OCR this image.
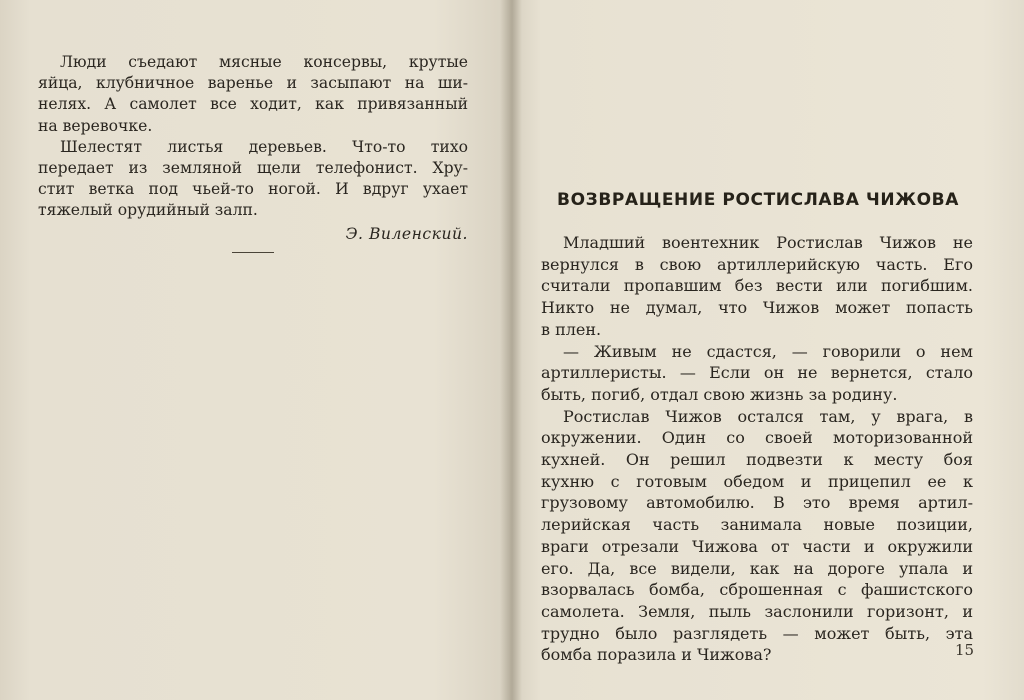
Люди съедают мясные консервы, крутые
яйца, клубничное варенье и засыпают на ши-
нелях. А самолет все ходит, как привязанный
на веревочке.
Шелестят листья деревьев. Что-то тихо
передает из земляной щели телефонист. Хру-
стит ветка под чьей-то ногой. И вдруг ухает
тяжелый орудийный залп.
Э. Виленский.
ВОЗВРАЩЕНИЕ РОСТИСЛАВА ЧИЖОВА
Младший воентехник Ростислав Чижов не
вернулся в свою артиллерийскую часть. Его
считали пропавшим без вести или погибшим.
Никто не думал, что Чижов может попасть
в плен.
— Живым не сдастся, — говорили о нем
артиллеристы. — Если он не вернется, стало
быть, погиб, отдал свою жизнь за родину.
Ростислав Чижов остался там, у врага, в
окружении. Один со своей моторизованной
кухней. Он решил подвезти к месту боя
кухню с готовым обедом и прицепил ее к
грузовому автомобилю. В это время артил-
лерийская часть занимала новые позиции,
враги отрезали Чижова от части и окружили
его. Да, все видели, как на дороге упала и
взорвалась бомба, сброшенная с фашистского
самолета. Земля, пыль заслонили горизонт, и
трудно было разглядеть — может быть, эта
бомба поразила и Чижова?	15
